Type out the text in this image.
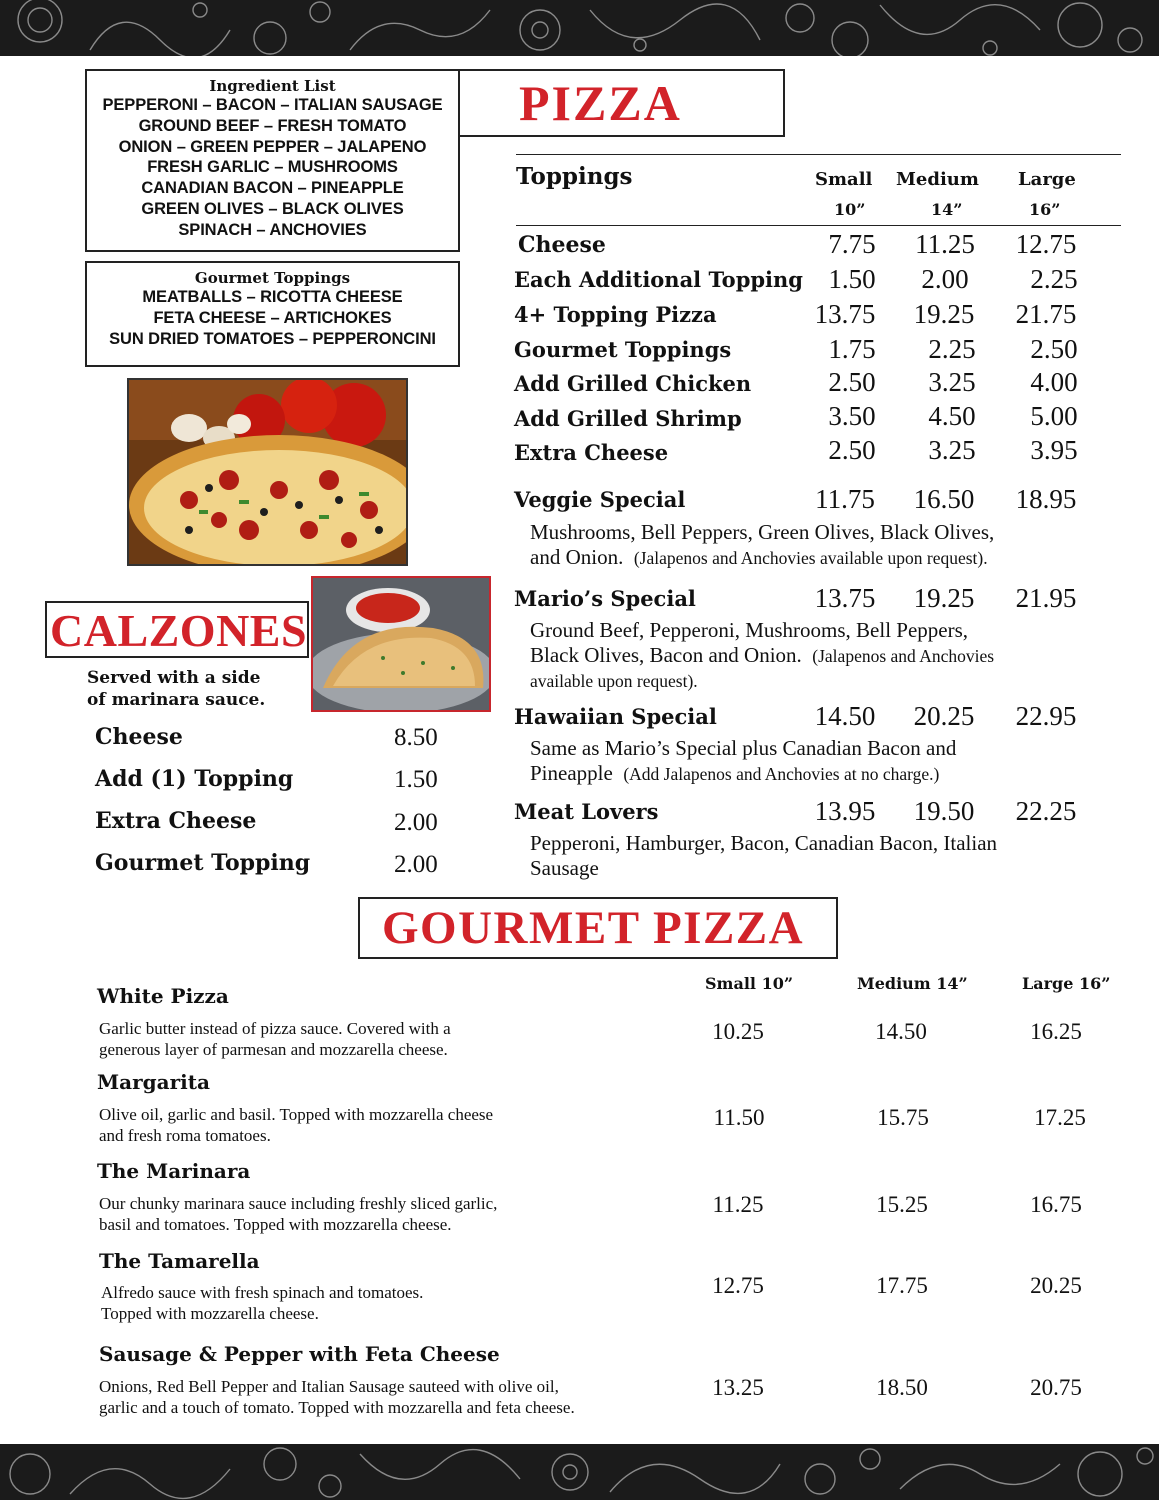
Ingredient List
PEPPERONI – BACON – ITALIAN SAUSAGE
GROUND BEEF – FRESH TOMATO
ONION – GREEN PEPPER – JALAPENO
FRESH GARLIC – MUSHROOMS
CANADIAN BACON – PINEAPPLE
GREEN OLIVES – BLACK OLIVES
SPINACH – ANCHOVIES
Gourmet Toppings
MEATBALLS – RICOTTA CHEESE
FETA CHEESE – ARTICHOKES
SUN DRIED TOMATOES – PEPPERONCINI
PIZZA
Toppings	Small Medium Large
10”	14”	16”
Cheese	7.75	11.25	12.75
Each Additional Topping 1.50	2.00	2.25
4+ Topping Pizza	13.75	19.25	21.75
Gourmet Toppings	1.75	2.25	2.50
Add Grilled Chicken	2.50	3.25	4.00
Add Grilled Shrimp	3.50	4.50	5.00
Extra Cheese	2.50	3.25	3.95
Veggie Special	11.75	16.50	18.95
Mushrooms, Bell Peppers, Green Olives, Black Olives,
and Onion. (Jalapenos and Anchovies available upon request).
Mario’s Special	13.75	19.25	21.95
Ground Beef, Pepperoni, Mushrooms, Bell Peppers,
Black Olives, Bacon and Onion. (Jalapenos and Anchovies
available upon request).
Hawaiian Special	14.50	20.25	22.95
Same as Mario’s Special plus Canadian Bacon and
Pineapple (Add Jalapenos and Anchovies at no charge.)
Meat Lovers	13.95	19.50	22.25
Pepperoni, Hamburger, Bacon, Canadian Bacon, Italian
Sausage
CALZONES
Served with a side
of marinara sauce.
Cheese	8.50
Add (1) Topping	1.50
Extra Cheese	2.00
Gourmet Topping	2.00
GOURMET PIZZA
Small 10”	Medium 14”	Large 16”
White Pizza
Garlic butter instead of pizza sauce. Covered with a
generous layer of parmesan and mozzarella cheese.
10.25	14.50	16.25
Margarita
Olive oil, garlic and basil. Topped with mozzarella cheese
and fresh roma tomatoes.
11.50	15.75	17.25
The Marinara
Our chunky marinara sauce including freshly sliced garlic,
basil and tomatoes. Topped with mozzarella cheese.
11.25	15.25	16.75
The Tamarella
Alfredo sauce with fresh spinach and tomatoes.
Topped with mozzarella cheese.
12.75	17.75	20.25
Sausage & Pepper with Feta Cheese
Onions, Red Bell Pepper and Italian Sausage sauteed with olive oil,
garlic and a touch of tomato. Topped with mozzarella and feta cheese.
13.25	18.50	20.75
